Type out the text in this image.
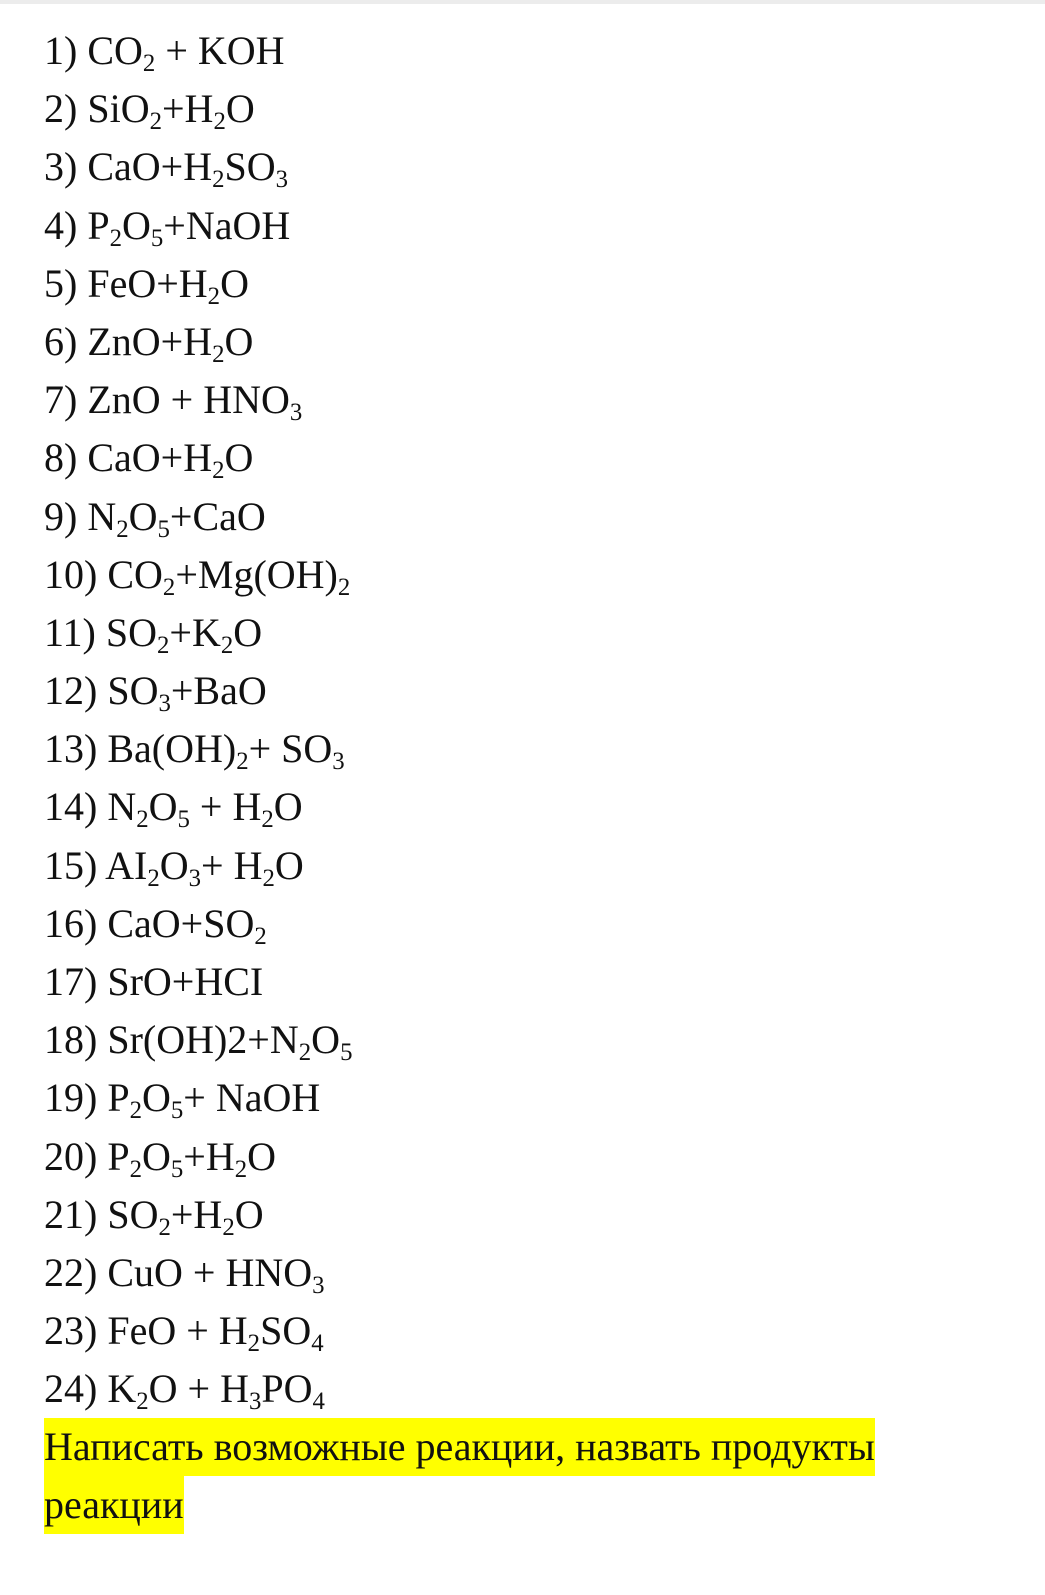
1) $CO_2$ + KOH
2) $SiO_2+H_2O$
3) $CaO+H_2SO_3$
4) $P_2O_5+NaOH$
5) $FeO+H_2O$
6) $ZnO+H_2O$
7) ZnO + $HNO_3$
8) $CaO+H_2O$
9) $N_2O_5+CaO$
10) $CO_2+Mg(OH)_2$
11) $SO_2+K_2O$
12) $SO_3+BaO$
13) $Ba(OH)_2+ SO_3$
14) $N_2O_5 + H_2O$
15) $AI_2O_3+ H_2O$
16) $CaO+SO_2$
17) SrO+HCI
18) $Sr(OH)2+N_2O_5$
19) $P_2O_5+$ NaOH
20) $P_2O_5+H_2O$
21) $SO_2+H_2O$
22) CuO + $HNO_3$
23) FeO + $H_2SO_4$
24) $K_2O + H_3PO_4$
Написать возможные реакции, назвать продукты
реакции
